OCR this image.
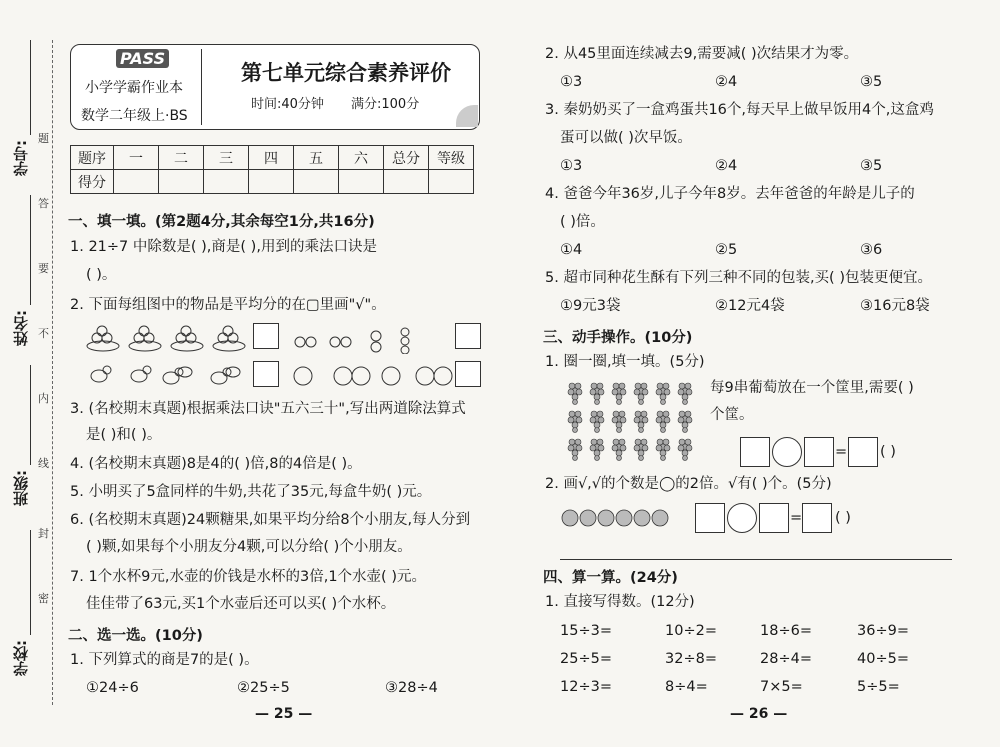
学号:
姓名:
班级:
学校:
题
答
要
不
内
线
封
密
PASS
小学学霸作业本
数学二年级上·BS
第七单元综合素养评价
时间:40分钟 满分:100分
题序	一	二	三	四	五	六	总分	等级
得分								
一、填一填。(第2题4分,其余每空1分,共16分)
1. 21÷7 中除数是( ),商是( ),用到的乘法口诀是
( )。
2. 下面每组图中的物品是平均分的在▢里画"√"。
3. (名校期末真题)根据乘法口诀"五六三十",写出两道除法算式
是( )和( )。
4. (名校期末真题)8是4的( )倍,8的4倍是( )。
5. 小明买了5盒同样的牛奶,共花了35元,每盒牛奶( )元。
6. (名校期末真题)24颗糖果,如果平均分给8个小朋友,每人分到
( )颗,如果每个小朋友分4颗,可以分给( )个小朋友。
7. 1个水杯9元,水壶的价钱是水杯的3倍,1个水壶( )元。
佳佳带了63元,买1个水壶后还可以买( )个水杯。
二、选一选。(10分)
1. 下列算式的商是7的是( )。
①24÷6	②25÷5	③28÷4
— 25 —
2. 从45里面连续减去9,需要减( )次结果才为零。
①3	②4	③5
3. 秦奶奶买了一盒鸡蛋共16个,每天早上做早饭用4个,这盒鸡
蛋可以做( )次早饭。
①3	②4	③5
4. 爸爸今年36岁,儿子今年8岁。去年爸爸的年龄是儿子的
( )倍。
①4	②5	③6
5. 超市同种花生酥有下列三种不同的包装,买( )包装更便宜。
①9元3袋	②12元4袋	③16元8袋
三、动手操作。(10分)
1. 圈一圈,填一填。(5分)
每9串葡萄放在一个筐里,需要( )
个筐。
= ( )
2. 画√,√的个数是◯的2倍。√有( )个。(5分)
= ( )
四、算一算。(24分)
1. 直接写得数。(12分)
15÷3=	10÷2=	18÷6=	36÷9=
25÷5=	32÷8=	28÷4=	40÷5=
12÷3=	8÷4=	7×5=	5÷5=
— 26 —
